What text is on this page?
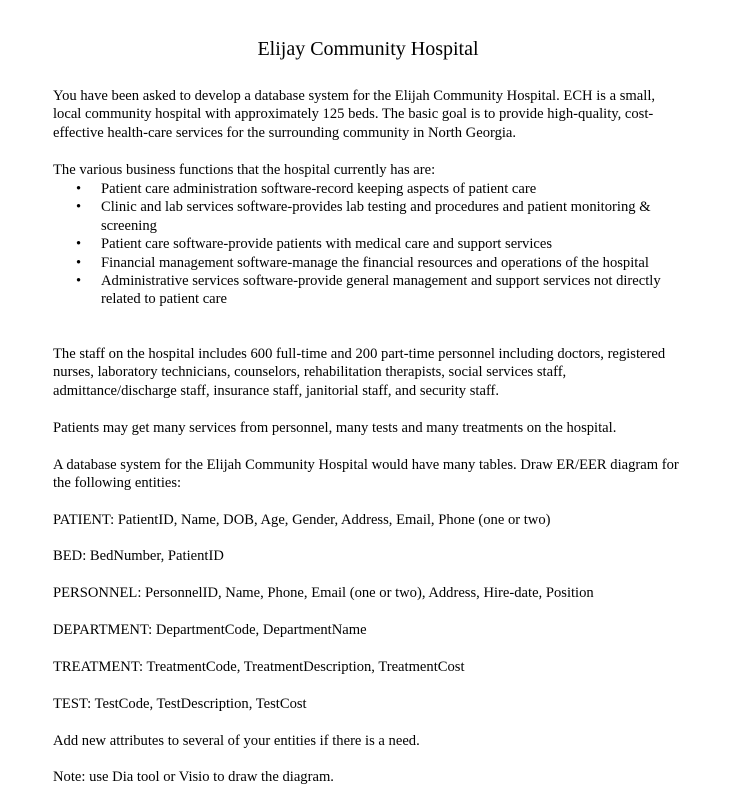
Elijay Community Hospital

You have been asked to develop a database system for the Elijah Community Hospital. ECH is a small, local community hospital with approximately 125 beds. The basic goal is to provide high-quality, cost-effective health-care services for the surrounding community in North Georgia.

The various business functions that the hospital currently has are:

• Patient care administration software-record keeping aspects of patient care
• Clinic and lab services software-provides lab testing and procedures and patient monitoring & screening
• Patient care software-provide patients with medical care and support services
• Financial management software-manage the financial resources and operations of the hospital
• Administrative services software-provide general management and support services not directly related to patient care

The staff on the hospital includes 600 full-time and 200 part-time personnel including doctors, registered nurses, laboratory technicians, counselors, rehabilitation therapists, social services staff, admittance/discharge staff, insurance staff, janitorial staff, and security staff.

Patients may get many services from personnel, many tests and many treatments on the hospital.

A database system for the Elijah Community Hospital would have many tables. Draw ER/EER diagram for the following entities:

PATIENT: PatientID, Name, DOB, Age, Gender, Address, Email, Phone (one or two)

BED: BedNumber, PatientID

PERSONNEL: PersonnelID, Name, Phone, Email (one or two), Address, Hire-date, Position

DEPARTMENT: DepartmentCode, DepartmentName

TREATMENT: TreatmentCode, TreatmentDescription, TreatmentCost

TEST: TestCode, TestDescription, TestCost

Add new attributes to several of your entities if there is a need.

Note: use Dia tool or Visio to draw the diagram.
